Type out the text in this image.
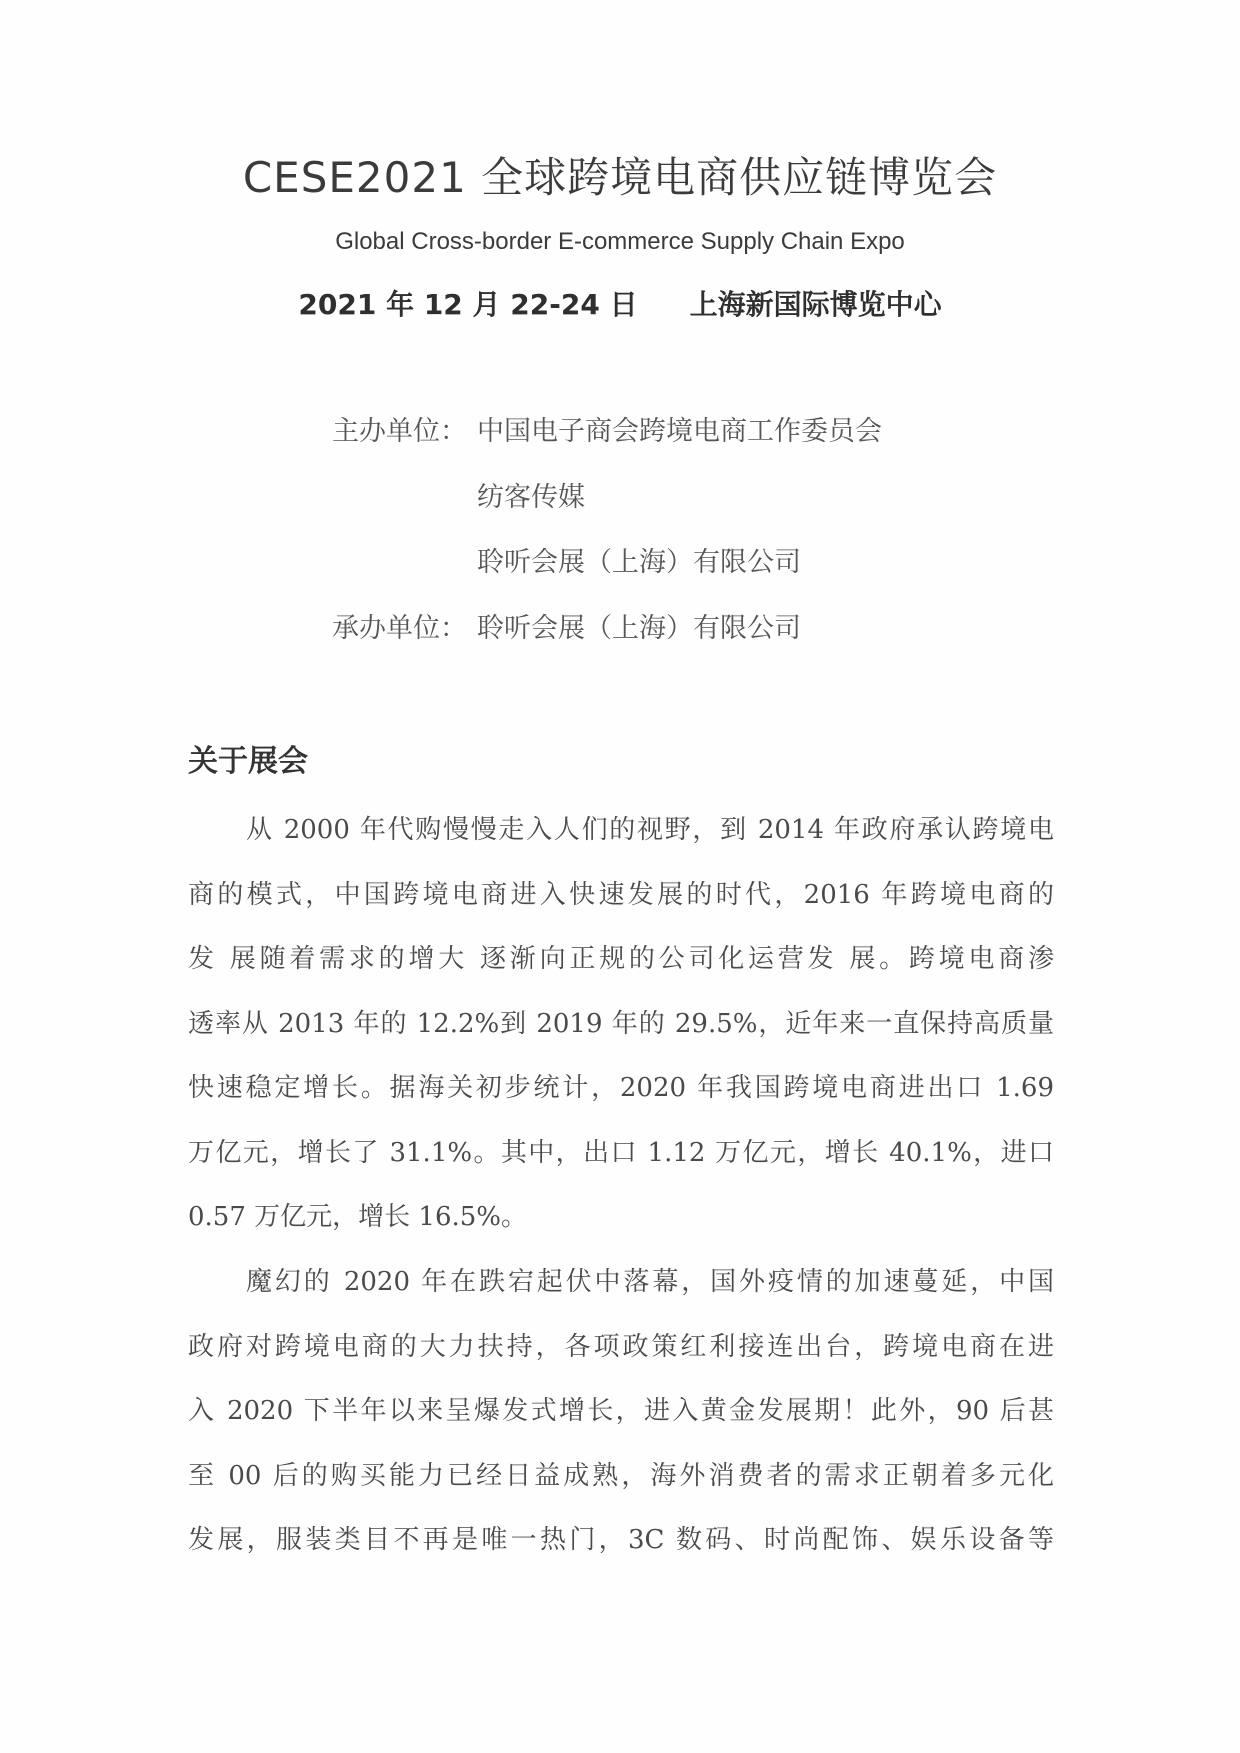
CESE2021 全球跨境电商供应链博览会
Global Cross-border E-commerce Supply Chain Expo
2021 年 12 月 22-24 日 上海新国际博览中心
主办单位： 中国电子商会跨境电商工作委员会
纺客传媒
聆听会展（上海）有限公司
承办单位： 聆听会展（上海）有限公司
关于展会
从 2000 年代购慢慢走入人们的视野，到 2014 年政府承认跨境电
商的模式，中国跨境电商进入快速发展的时代，2016 年跨境电商的
发 展随着需求的增大 逐渐向正规的公司化运营发 展。跨境电商渗
透率从 2013 年的 12.2%到 2019 年的 29.5%，近年来一直保持高质量
快速稳定增长。据海关初步统计，2020 年我国跨境电商进出口 1.69
万亿元，增长了 31.1%。其中，出口 1.12 万亿元，增长 40.1%，进口
0.57 万亿元，增长 16.5%。
魔幻的 2020 年在跌宕起伏中落幕，国外疫情的加速蔓延，中国
政府对跨境电商的大力扶持，各项政策红利接连出台，跨境电商在进
入 2020 下半年以来呈爆发式增长，进入黄金发展期！此外，90 后甚
至 00 后的购买能力已经日益成熟，海外消费者的需求正朝着多元化
发展，服装类目不再是唯一热门，3C 数码、时尚配饰、娱乐设备等
